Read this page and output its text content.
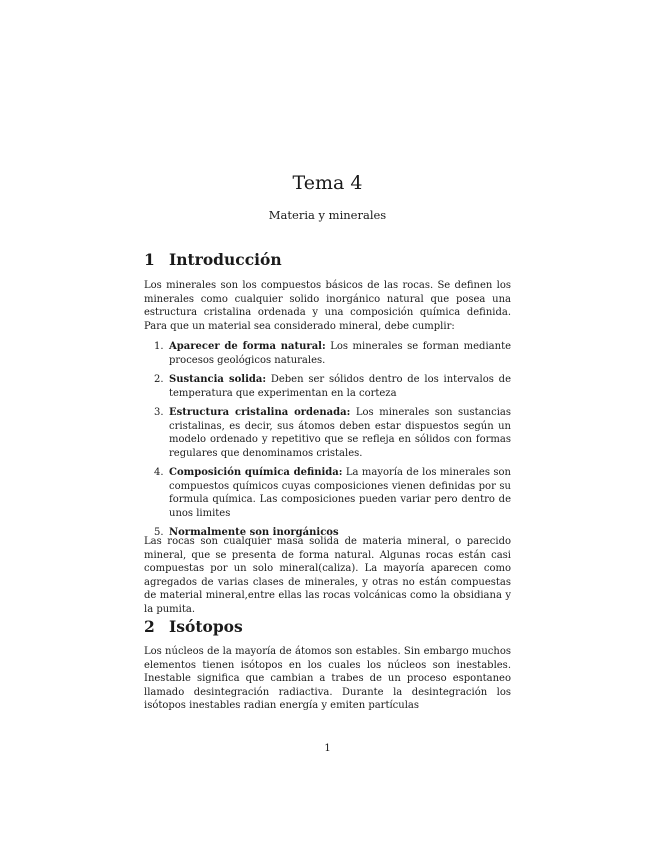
Tema 4
Materia y minerales
1 Introducción

Los minerales son los compuestos básicos de las rocas. Se definen los minerales como cualquier solido inorgánico natural que posea una estructura cristalina ordenada y una composición química definida. Para que un material sea considerado mineral, debe cumplir:

1. Aparecer de forma natural: Los minerales se forman mediante procesos geológicos naturales.
2. Sustancia solida: Deben ser sólidos dentro de los intervalos de temperatura que experimentan en la corteza
3. Estructura cristalina ordenada: Los minerales son sustancias cristalinas, es decir, sus átomos deben estar dispuestos según un modelo ordenado y repetitivo que se refleja en sólidos con formas regulares que denominamos cristales.
4. Composición química definida: La mayoría de los minerales son compuestos químicos cuyas composiciones vienen definidas por su formula química. Las composiciones pueden variar pero dentro de unos limites
5. Normalmente son inorgánicos

Las rocas son cualquier masa solida de materia mineral, o parecido mineral, que se presenta de forma natural. Algunas rocas están casi compuestas por un solo mineral(caliza). La mayoría aparecen como agregados de varias clases de minerales, y otras no están compuestas de material mineral,entre ellas las rocas volcánicas como la obsidiana y la pumita.

2 Isótopos

Los núcleos de la mayoría de átomos son estables. Sin embargo muchos elementos tienen isótopos en los cuales los núcleos son inestables. Inestable significa que cambian a trabes de un proceso espontaneo llamado desintegración radiactiva. Durante la desintegración los isótopos inestables radian energía y emiten partículas

1
